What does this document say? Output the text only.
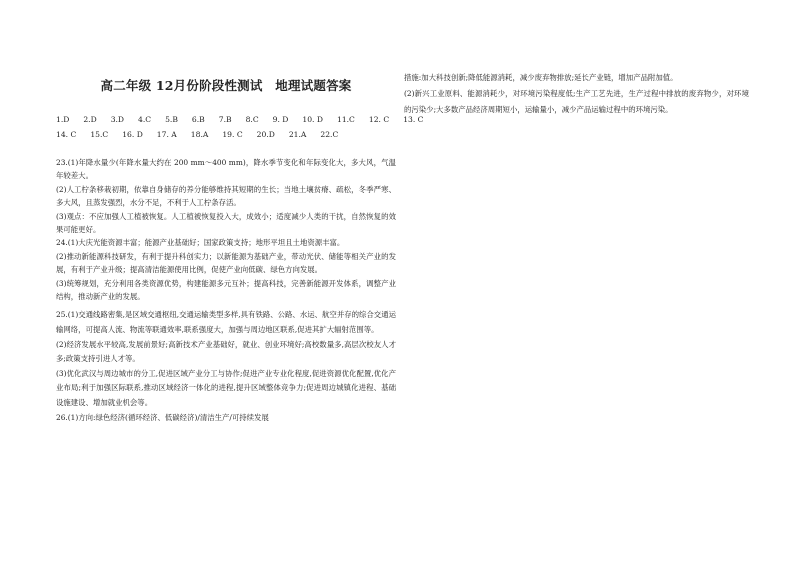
高二年级 12月份阶段性测试　地理试题答案
1.D 2.D 3.D 4.C 5.B 6.B 7.B 8.C 9. D 10. D 11.C 12. C 13. C
14. C 15.C 16. D 17. A 18.A 19. C 20.D 21.A 22.C

23.(1)年降水量少(年降水量大约在 200 mm～400 mm)，降水季节变化和年际变化大，多大风，气温年较差大。

(2)人工柠条移栽初期，依靠自身储存的养分能够维持其短期的生长；当地土壤贫瘠、疏松，冬季严寒、多大风，且蒸发强烈，水分不足，不利于人工柠条存活。

(3)观点：不应加强人工植被恢复。人工植被恢复投入大，成效小；适度减少人类的干扰，自然恢复的效果可能更好。

24.(1)大庆光能资源丰富；能源产业基础好；国家政策支持；地形平坦且土地资源丰富。

(2)推动新能源科技研发，有利于提升科创实力；以新能源为基础产业，带动光伏、储能等相关产业的发展，有利于产业升级；提高清洁能源使用比例，促使产业向低碳、绿色方向发展。

(3)统筹规划，充分利用各类资源优势，构建能源多元互补；提高科技，完善新能源开发体系，调整产业结构，推动新产业的发展。

25.(1)交通线路密集,是区域交通枢纽,交通运输类型多样,具有铁路、公路、水运、航空并存的综合交通运输网络，可提高人流、物流等联通效率,联系强度大，加强与周边地区联系,促进其扩大辐射范围等。

(2)经济发展水平较高,发展前景好;高新技术产业基础好，就业、创业环境好;高校数量多,高层次校友人才多;政策支持引进人才等。

(3)优化武汉与周边城市的分工,促进区域产业分工与协作;促进产业专业化程度,促进资源优化配置,优化产业布局;利于加强区际联系,推动区域经济一体化的进程,提升区域整体竞争力;促进周边城镇化进程、基础设施建设、增加就业机会等。

26.(1)方向:绿色经济(循环经济、低碳经济)/清洁生产/可持续发展

措施:加大科技创新;降低能源消耗，减少废弃物排放;延长产业链，增加产品附加值。

(2)新兴工业原料、能源消耗少，对环境污染程度低;生产工艺先进，生产过程中排放的废弃物少，对环境的污染少;大多数产品经济周期短小，运输量小，减少产品运输过程中的环境污染。
